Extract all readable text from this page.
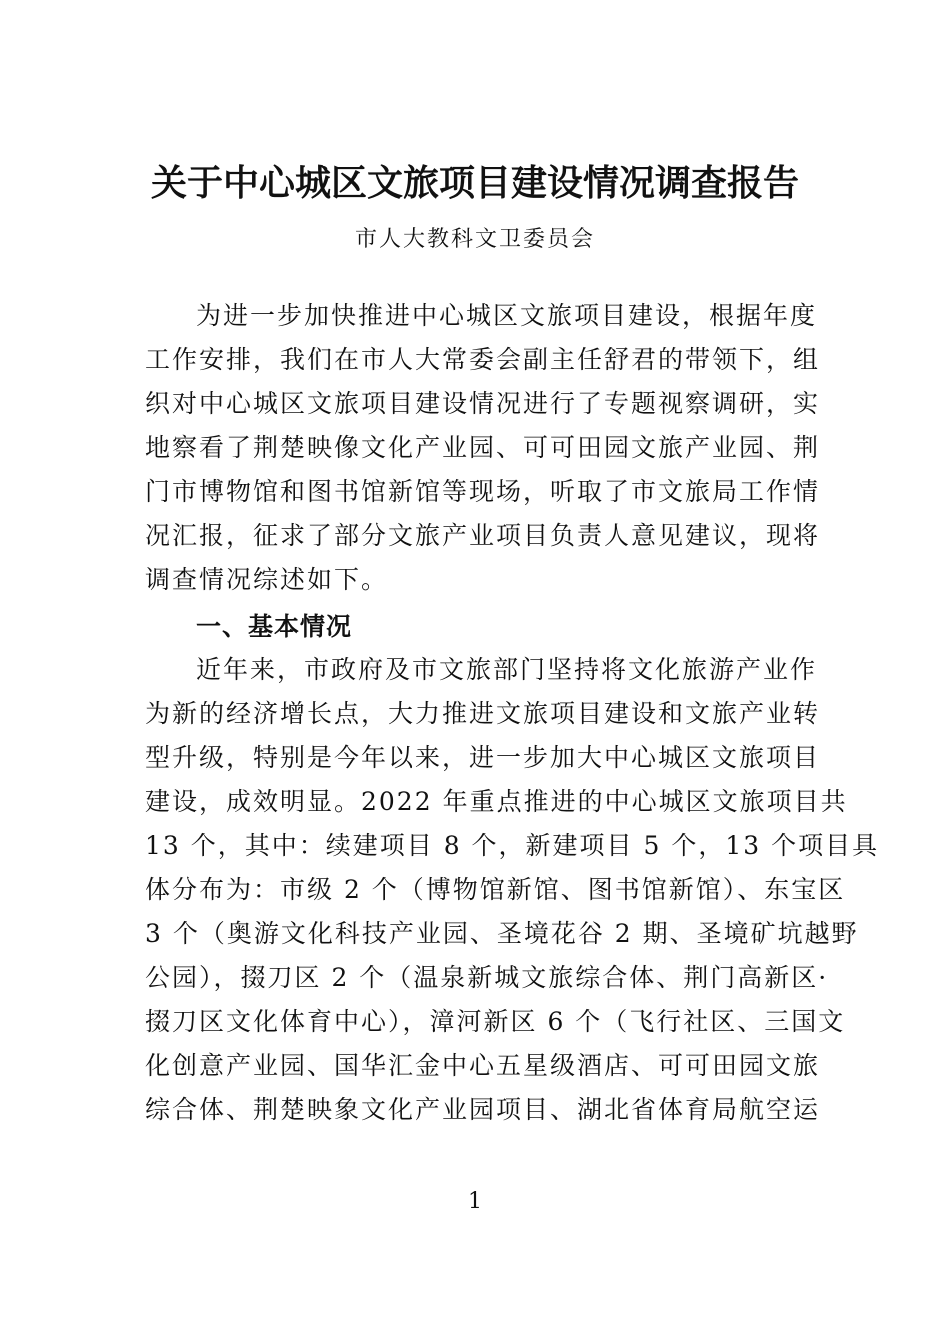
关于中心城区文旅项目建设情况调查报告
市人大教科文卫委员会
为进一步加快推进中心城区文旅项目建设，根据年度
工作安排，我们在市人大常委会副主任舒君的带领下，组
织对中心城区文旅项目建设情况进行了专题视察调研，实
地察看了荆楚映像文化产业园、可可田园文旅产业园、荆
门市博物馆和图书馆新馆等现场，听取了市文旅局工作情
况汇报，征求了部分文旅产业项目负责人意见建议，现将
调查情况综述如下。
一、基本情况
近年来，市政府及市文旅部门坚持将文化旅游产业作
为新的经济增长点，大力推进文旅项目建设和文旅产业转
型升级，特别是今年以来，进一步加大中心城区文旅项目
建设，成效明显。2022 年重点推进的中心城区文旅项目共
13 个，其中：续建项目 8 个，新建项目 5 个，13 个项目具
体分布为：市级 2 个（博物馆新馆、图书馆新馆）、东宝区
3 个（奥游文化科技产业园、圣境花谷 2 期、圣境矿坑越野
公园），掇刀区 2 个（温泉新城文旅综合体、荆门高新区·
掇刀区文化体育中心），漳河新区 6 个（飞行社区、三国文
化创意产业园、国华汇金中心五星级酒店、可可田园文旅
综合体、荆楚映象文化产业园项目、湖北省体育局航空运
1
